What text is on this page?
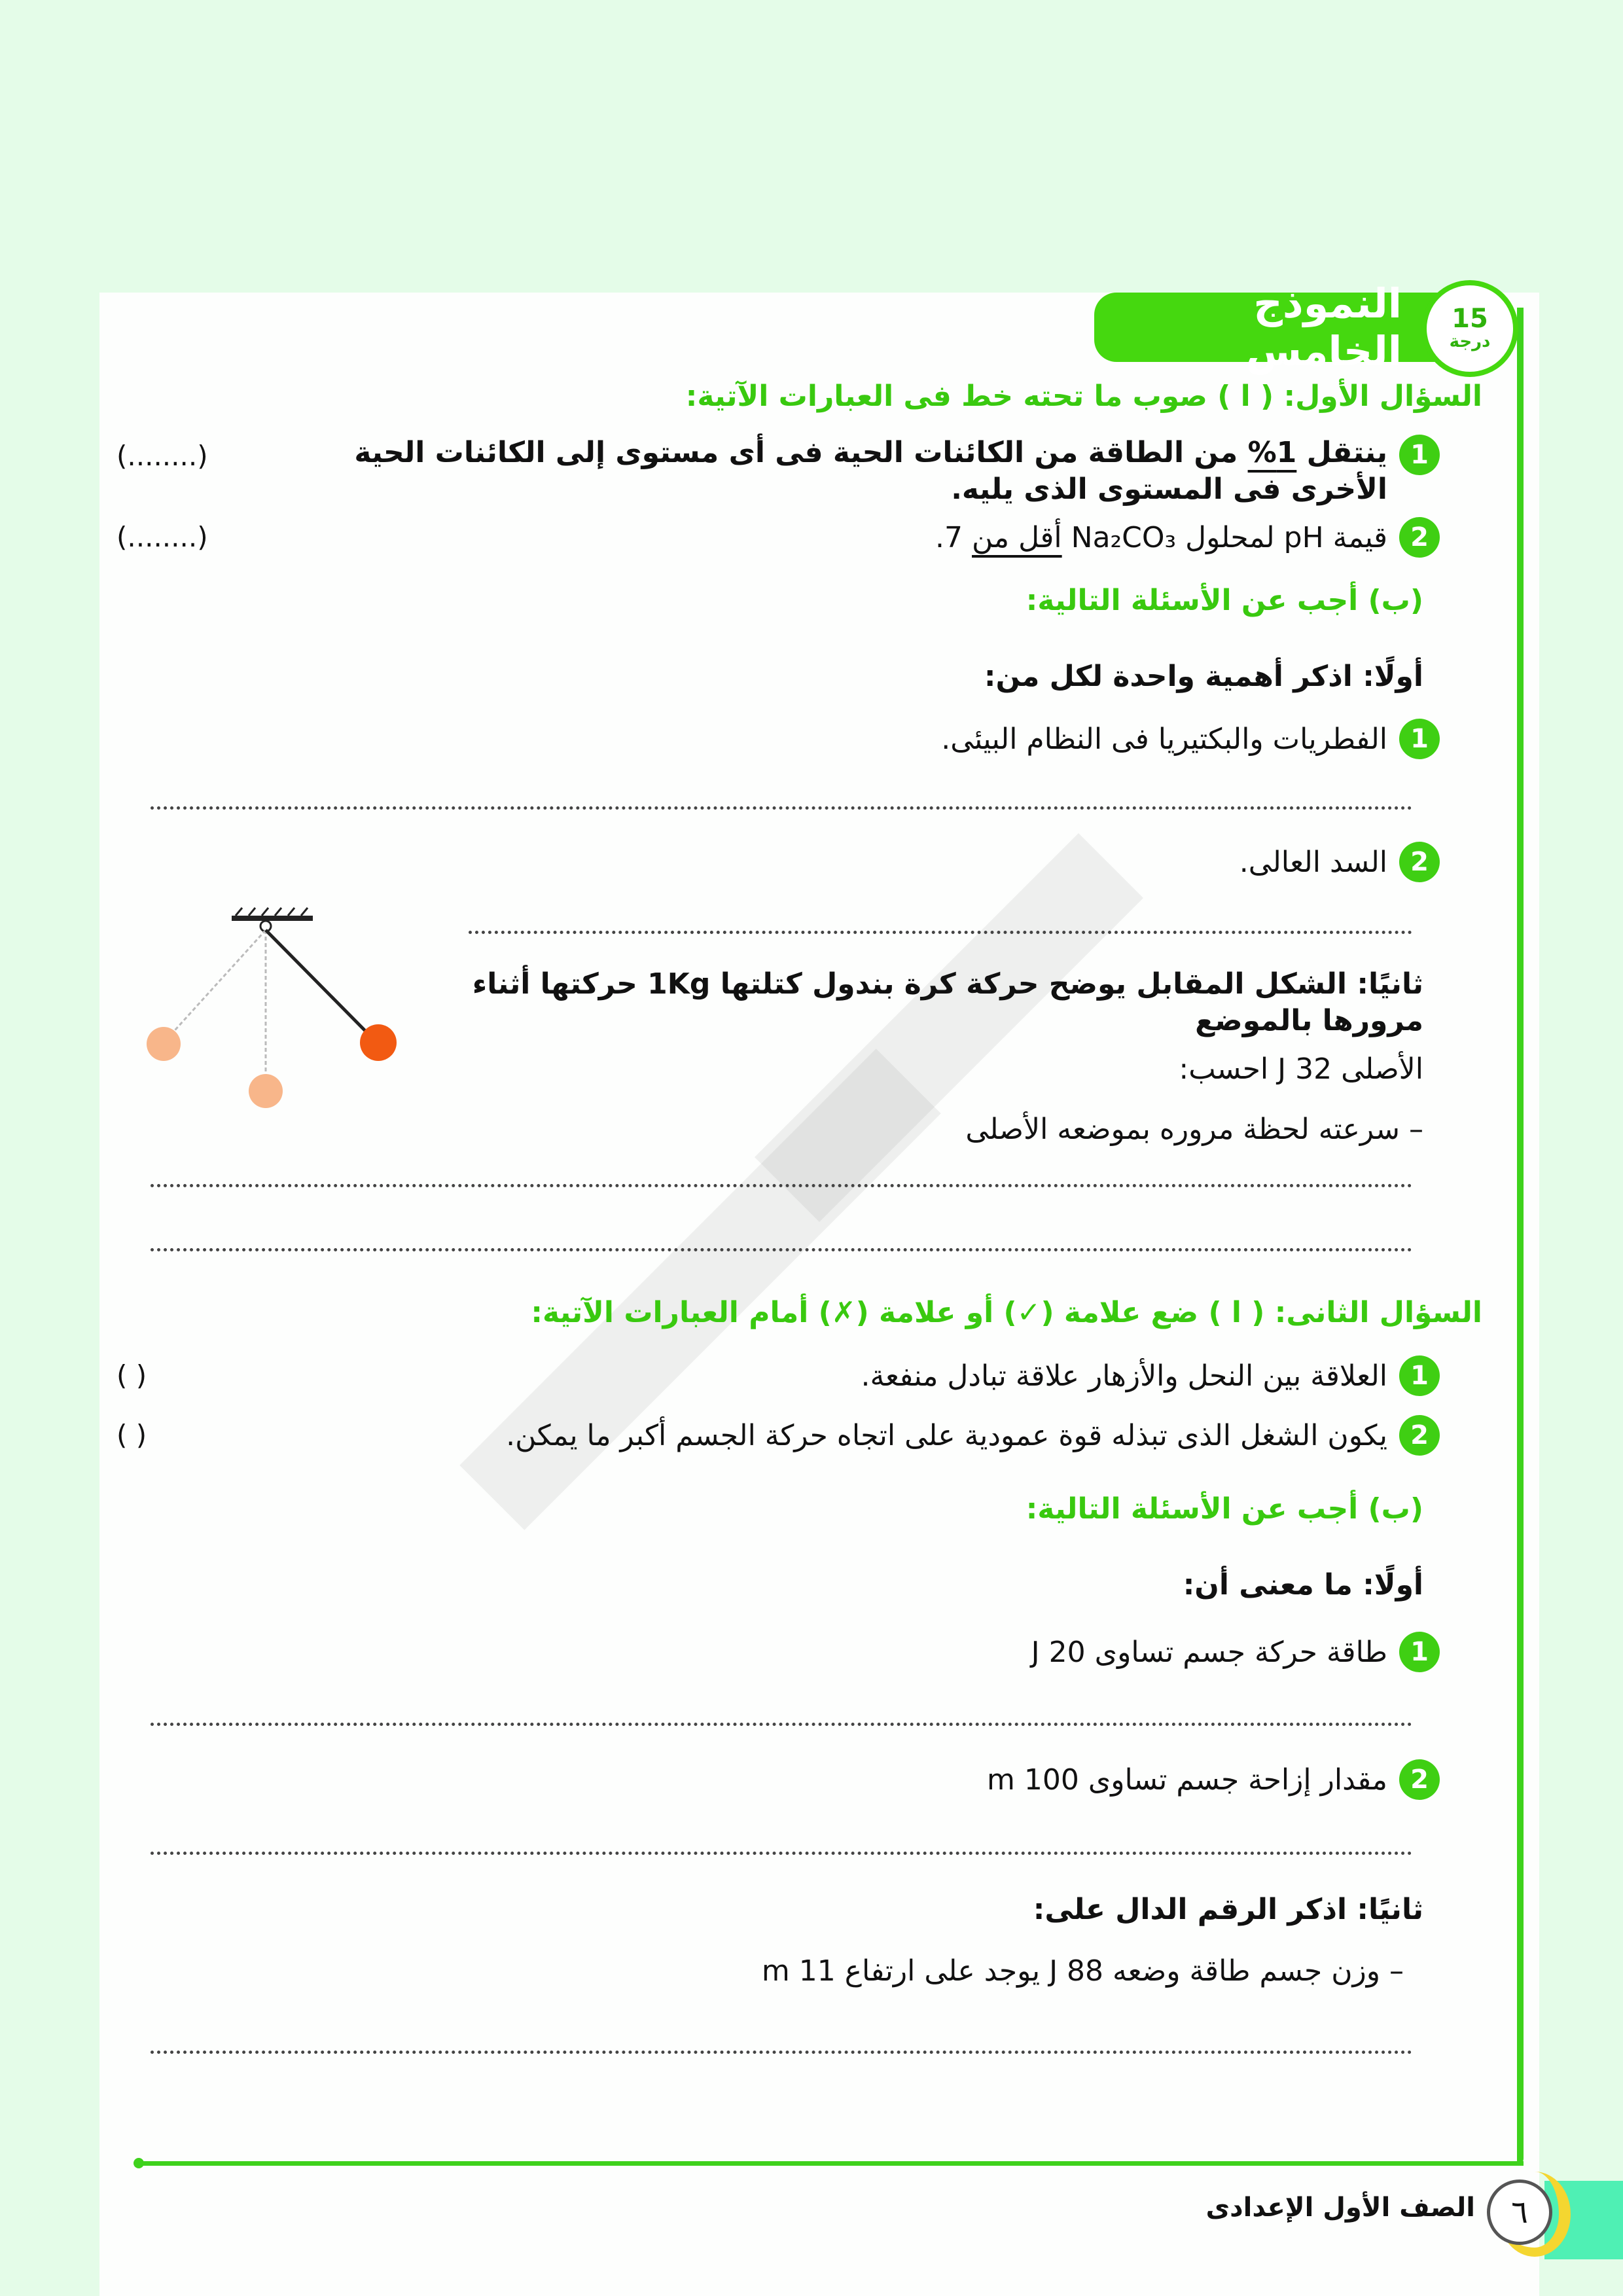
النموذج الخامس
15
درجة
السؤال الأول: ( ا ) صوب ما تحته خط فى العبارات الآتية:
1
ينتقل 1% من الطاقة من الكائنات الحية فى أى مستوى إلى الكائنات الحية الأخرى فى المستوى الذى يليه.
(........)
2
قيمة pH لمحلول Na₂CO₃ أقل من 7.
(........)
(ب) أجب عن الأسئلة التالية:
أولًا: اذكر أهمية واحدة لكل من:
1
الفطريات والبكتيريا فى النظام البيئى.
2
السد العالى.
ثانيًا: الشكل المقابل يوضح حركة كرة بندول كتلتها 1Kg حركتها أثناء مرورها بالموضع
الأصلى 32 J احسب:
– سرعته لحظة مروره بموضعه الأصلى
السؤال الثانى: ( ا ) ضع علامة (✓) أو علامة (✗) أمام العبارات الآتية:
1
العلاقة بين النحل والأزهار علاقة تبادل منفعة.
( )
2
يكون الشغل الذى تبذله قوة عمودية على اتجاه حركة الجسم أكبر ما يمكن.
( )
(ب) أجب عن الأسئلة التالية:
أولًا: ما معنى أن:
1
طاقة حركة جسم تساوى 20 J
2
مقدار إزاحة جسم تساوى 100 m
ثانيًا: اذكر الرقم الدال على:
– وزن جسم طاقة وضعه 88 J يوجد على ارتفاع 11 m
٦
الصف الأول الإعدادى
